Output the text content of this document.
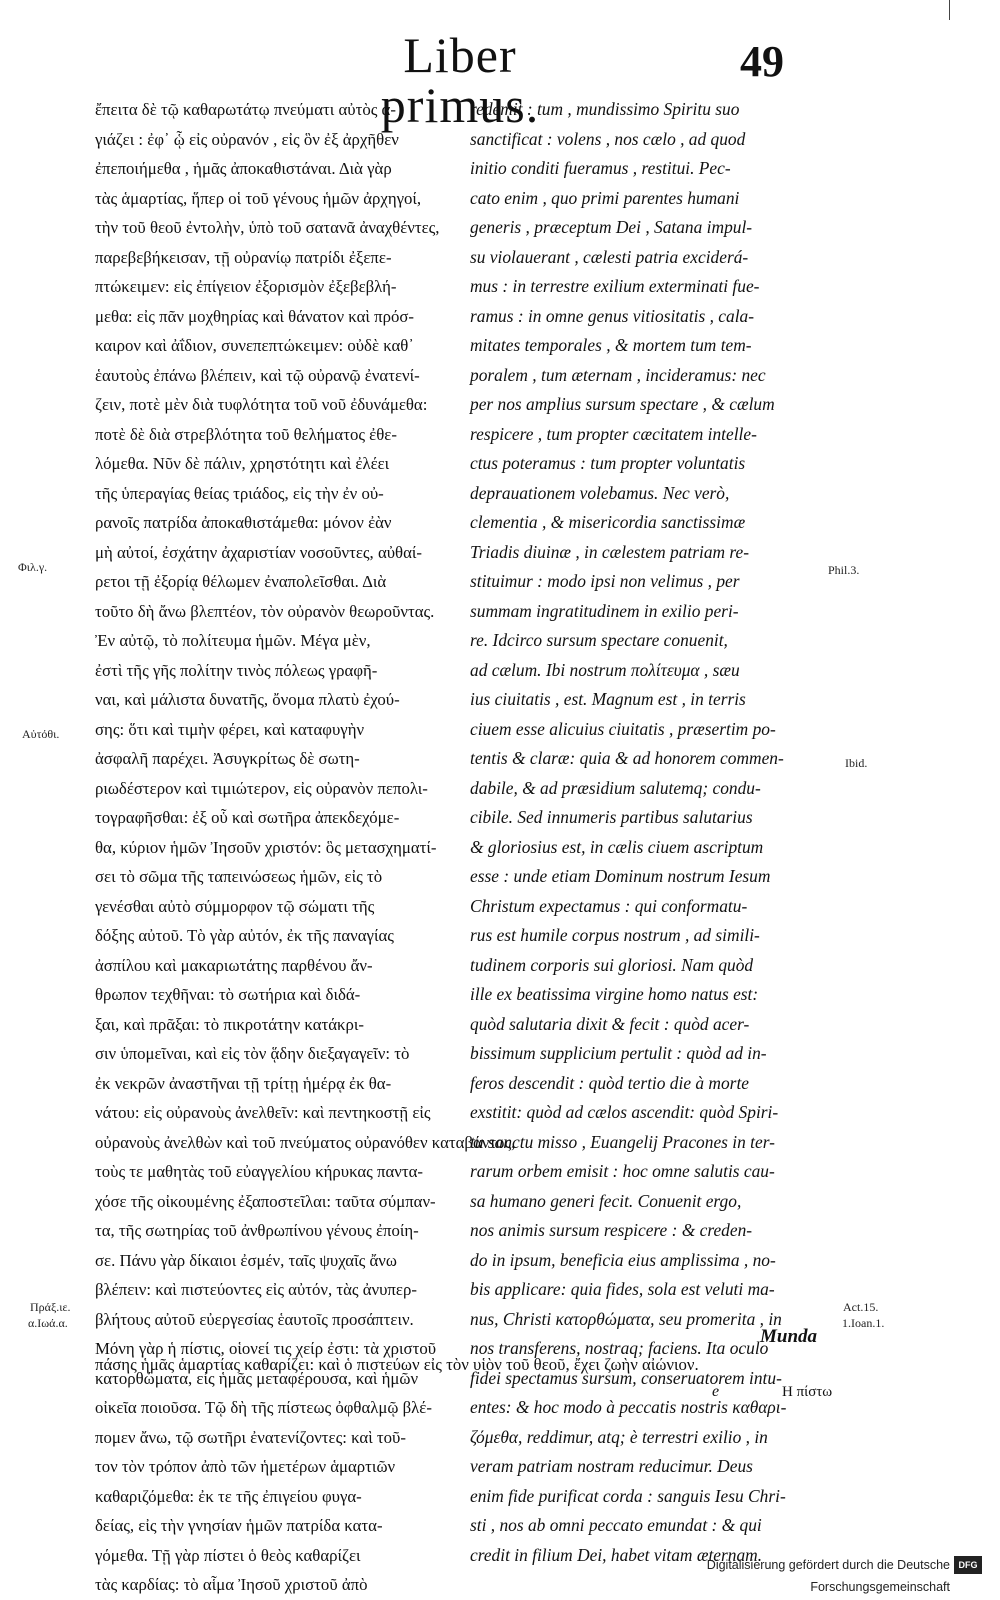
Liber primus.
49
ἔπειτα δὲ τῷ καθαρωτάτῳ πνεύματι αὐτὸς ἁ-
γιάζει : ἐφ᾽ ᾧ εἰς οὐρανόν , εἰς ὃν ἐξ ἀρχῆθεν
ἐπεποιήμεθα , ἡμᾶς ἀποκαθιστάναι. Διὰ γὰρ
τὰς ἁμαρτίας, ἥπερ οἱ τοῦ γένους ἡμῶν ἀρχηγοί,
τὴν τοῦ θεοῦ ἐντολὴν, ὑπὸ τοῦ σατανᾶ ἀναχθέντες,
παρεβεβήκεισαν, τῇ οὐρανίῳ πατρίδι ἐξεπε-
πτώκειμεν: εἰς ἐπίγειον ἐξορισμὸν ἐξεβεβλή-
μεθα: εἰς πᾶν μοχθηρίας καὶ θάνατον καὶ πρόσ-
καιρον καὶ ἀΐδιον, συνεπεπτώκειμεν: οὐδὲ καθ᾽
ἑαυτοὺς ἐπάνω βλέπειν, καὶ τῷ οὐρανῷ ἐνατενί-
ζειν, ποτὲ μὲν διὰ τυφλότητα τοῦ νοῦ ἐδυνάμεθα:
ποτὲ δὲ διὰ στρεβλότητα τοῦ θελήματος ἐθε-
λόμεθα. Νῦν δὲ πάλιν, χρηστότητι καὶ ἐλέει
τῆς ὑπεραγίας θείας τριάδος, εἰς τὴν ἐν οὐ-
ρανοῖς πατρίδα ἀποκαθιστάμεθα: μόνον ἐὰν
μὴ αὐτοί, ἐσχάτην ἀχαριστίαν νοσοῦντες, αὐθαί-
ρετοι τῇ ἐξορίᾳ θέλωμεν ἐναπολεῖσθαι. Διὰ
τοῦτο δὴ ἄνω βλεπτέον, τὸν οὐρανὸν θεωροῦντας.
Ἐν αὐτῷ, τὸ πολίτευμα ἡμῶν. Μέγα μὲν,
ἐστὶ τῆς γῆς πολίτην τινὸς πόλεως γραφῆ-
ναι, καὶ μάλιστα δυνατῆς, ὄνομα πλατὺ ἐχού-
σης: ὅτι καὶ τιμὴν φέρει, καὶ καταφυγὴν
ἀσφαλῆ παρέχει. Ἀσυγκρίτως δὲ σωτη-
ριωδέστερον καὶ τιμιώτερον, εἰς οὐρανὸν πεπολι-
τογραφῆσθαι: ἐξ οὗ καὶ σωτῆρα ἀπεκδεχόμε-
θα, κύριον ἡμῶν Ἰησοῦν χριστόν: ὃς μετασχηματί-
σει τὸ σῶμα τῆς ταπεινώσεως ἡμῶν, εἰς τὸ
γενέσθαι αὐτὸ σύμμορφον τῷ σώματι τῆς
δόξης αὐτοῦ. Τὸ γὰρ αὐτόν, ἐκ τῆς παναγίας
ἀσπίλου καὶ μακαριωτάτης παρθένου ἄν-
θρωπον τεχθῆναι: τὸ σωτήρια καὶ διδά-
ξαι, καὶ πρᾶξαι: τὸ πικροτάτην κατάκρι-
σιν ὑπομεῖναι, καὶ εἰς τὸν ᾅδην διεξαγαγεῖν: τὸ
ἐκ νεκρῶν ἀναστῆναι τῇ τρίτῃ ἡμέρᾳ ἐκ θα-
νάτου: εἰς οὐρανοὺς ἀνελθεῖν: καὶ πεντηκοστῇ εἰς
οὐρανοὺς ἀνελθὼν καὶ τοῦ πνεύματος οὐρανόθεν καταβάντος,
τοὺς τε μαθητὰς τοῦ εὐαγγελίου κήρυκας παντα-
χόσε τῆς οἰκουμένης ἐξαποστεῖλαι: ταῦτα σύμπαν-
τα, τῆς σωτηρίας τοῦ ἀνθρωπίνου γένους ἐποίη-
σε. Πάνυ γὰρ δίκαιοι ἐσμέν, ταῖς ψυχαῖς ἄνω
βλέπειν: καὶ πιστεύοντες εἰς αὐτόν, τὰς ἀνυπερ-
βλήτους αὐτοῦ εὐεργεσίας ἑαυτοῖς προσάπτειν.
Μόνη γὰρ ἡ πίστις, οἱονεί τις χείρ ἐστι: τὰ χριστοῦ
κατορθώματα, εἰς ἡμᾶς μεταφέρουσα, καὶ ἡμῶν
οἰκεῖα ποιοῦσα. Τῷ δὴ τῆς πίστεως ὀφθαλμῷ βλέ-
πομεν ἄνω, τῷ σωτῆρι ἐνατενίζοντες: καὶ τοῦ-
τον τὸν τρόπον ἀπὸ τῶν ἡμετέρων ἁμαρτιῶν
καθαριζόμεθα: ἐκ τε τῆς ἐπιγείου φυγα-
δείας, εἰς τὴν γνησίαν ἡμῶν πατρίδα κατα-
γόμεθα. Τῇ γὰρ πίστει ὁ θεὸς καθαρίζει
τὰς καρδίας: τὸ αἷμα Ἰησοῦ χριστοῦ ἀπὸ
redemit : tum , mundissimo Spiritu suo
sanctificat : volens , nos cælo , ad quod
initio conditi fueramus , restitui. Pec-
cato enim , quo primi parentes humani
generis , præceptum Dei , Satana impul-
su violauerant , cælesti patria exciderá-
mus : in terrestre exilium exterminati fue-
ramus : in omne genus vitiositatis , cala-
mitates temporales , & mortem tum tem-
poralem , tum æternam , incideramus: nec
per nos amplius sursum spectare , & cælum
respicere , tum propter cæcitatem intelle-
ctus poteramus : tum propter voluntatis
deprauationem volebamus. Nec verò,
clementia , & misericordia sanctissimæ
Triadis diuinæ , in cælestem patriam re-
stituimur : modo ipsi non velimus , per
summam ingratitudinem in exilio peri-
re. Idcirco sursum spectare conuenit,
ad cælum. Ibi nostrum πολίτευμα , sæu
ius ciuitatis , est. Magnum est , in terris
ciuem esse alicuius ciuitatis , præsertim po-
tentis & claræ: quia & ad honorem commen-
dabile, & ad præsidium salutemq; condu-
cibile. Sed innumeris partibus salutarius
& gloriosius est, in cælis ciuem ascriptum
esse : unde etiam Dominum nostrum Iesum
Christum expectamus : qui conformatu-
rus est humile corpus nostrum , ad simili-
tudinem corporis sui gloriosi. Nam quòd
ille ex beatissima virgine homo natus est:
quòd salutaria dixit & fecit : quòd acer-
bissimum supplicium pertulit : quòd ad in-
feros descendit : quòd tertio die à morte
exstitit: quòd ad cælos ascendit: quòd Spiri-
tu sanctu misso , Euangelij Pracones in ter-
rarum orbem emisit : hoc omne salutis cau-
sa humano generi fecit. Conuenit ergo,
nos animis sursum respicere : & creden-
do in ipsum, beneficia eius amplissima , no-
bis applicare: quia fides, sola est veluti ma-
nus, Christi κατορθώματα, seu promerita , in
nos transferens, nostraq; faciens. Ita oculo
fidei spectamus sursum, conseruatorem intu-
entes: & hoc modo à peccatis nostris καθαρι-
ζόμεθα, reddimur, atq; è terrestri exilio , in
veram patriam nostram reducimur. Deus
enim fide purificat corda : sanguis Iesu Chri-
sti , nos ab omni peccato emundat : & qui
credit in filium Dei, habet vitam æternam.
Φιλ.γ.
Αὐτόθι.
Πράξ.ιε.
α.Ιωά.α.
Phil.3.
Ibid.
Act.15.
1.Ioan.1.
Munda
πάσης ἡμᾶς ἁμαρτίας καθαρίζει: καὶ ὁ πιστεύων εἰς τὸν υἱὸν τοῦ θεοῦ, ἔχει ζωὴν αἰώνιον.
e	Η πίστω
Digitalisierung gefördert durch die Deutsche Forschungsgemeinschaft
DFG
